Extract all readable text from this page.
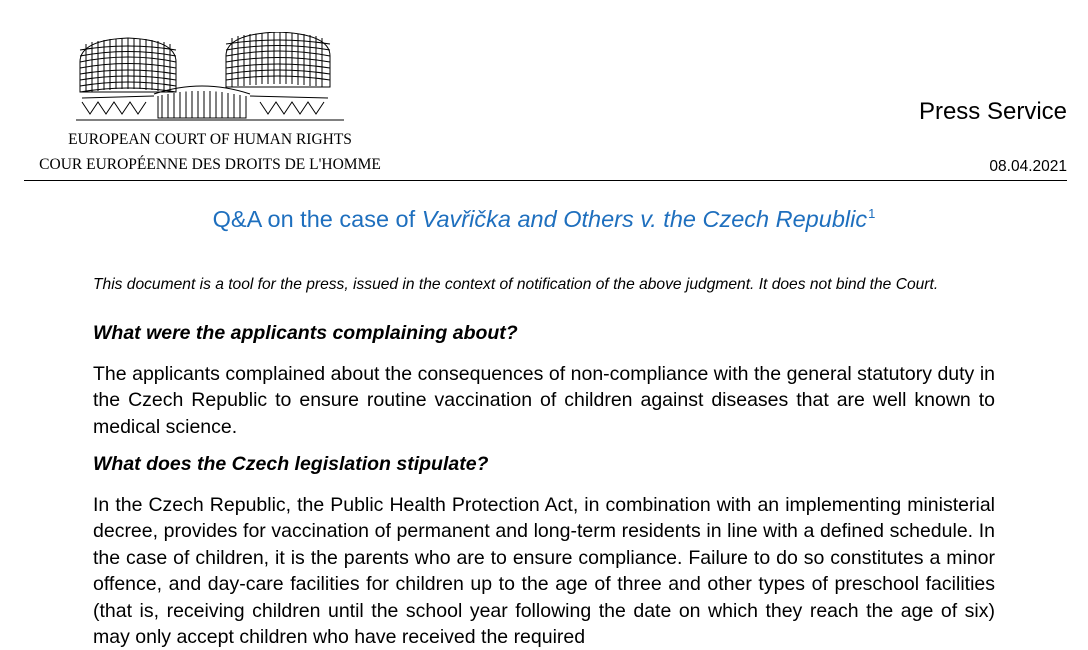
EUROPEAN COURT OF HUMAN RIGHTS
COUR EUROPÉENNE DES DROITS DE L'HOMME
Press Service
08.04.2021
Q&A on the case of Vavřička and Others v. the Czech Republic$^1$
This document is a tool for the press, issued in the context of notification of the above judgment. It does not bind the Court.
What were the applicants complaining about?
The applicants complained about the consequences of non-compliance with the general statutory duty in the Czech Republic to ensure routine vaccination of children against diseases that are well known to medical science.
What does the Czech legislation stipulate?
In the Czech Republic, the Public Health Protection Act, in combination with an implementing ministerial decree, provides for vaccination of permanent and long-term residents in line with a defined schedule. In the case of children, it is the parents who are to ensure compliance. Failure to do so constitutes a minor offence, and day-care facilities for children up to the age of three and other types of preschool facilities (that is, receiving children until the school year following the date on which they reach the age of six) may only accept children who have received the required
